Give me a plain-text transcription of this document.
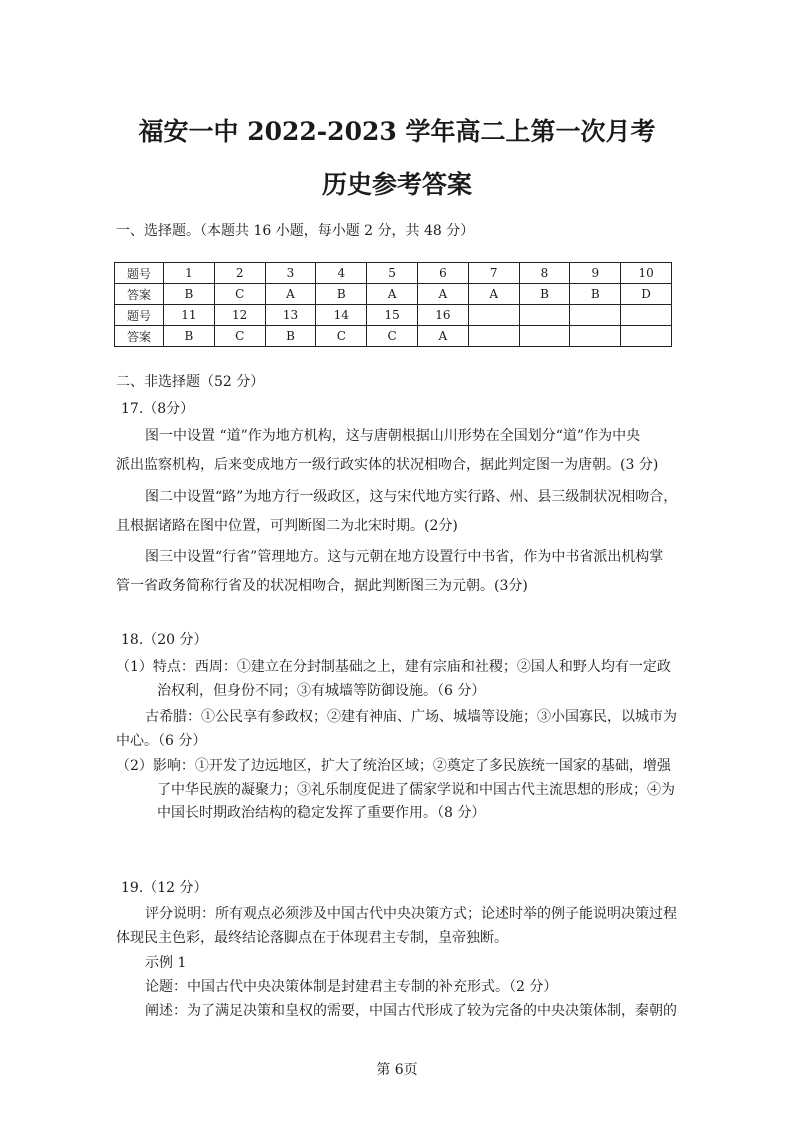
福安一中 2022-2023 学年高二上第一次月考
历史参考答案
一、选择题。（本题共 16 小题，每小题 2 分，共 48 分）
题号	1	2	3	4	5	6	7	8	9	10
答案	B	C	A	B	A	A	A	B	B	D
题号	11	12	13	14	15	16				
答案	B	C	B	C	C	A				
二、非选择题（52 分）
17.（8分）
图一中设置 “道”作为地方机构，这与唐朝根据山川形势在全国划分“道”作为中央
派出监察机构，后来变成地方一级行政实体的状况相吻合，据此判定图一为唐朝。(3 分)
图二中设置“路”为地方行一级政区，这与宋代地方实行路、州、县三级制状况相吻合，
且根据诸路在图中位置，可判断图二为北宋时期。(2分)
图三中设置“行省”管理地方。这与元朝在地方设置行中书省，作为中书省派出机构掌
管一省政务简称行省及的状况相吻合，据此判断图三为元朝。(3分)
18.（20 分）
（1）特点：西周：①建立在分封制基础之上，建有宗庙和社稷；②国人和野人均有一定政
治权利，但身份不同；③有城墙等防御设施。（6 分）
古希腊：①公民享有参政权；②建有神庙、广场、城墙等设施；③小国寡民，以城市为
中心。（6 分）
（2）影响：①开发了边远地区，扩大了统治区域；②奠定了多民族统一国家的基础，增强
了中华民族的凝聚力；③礼乐制度促进了儒家学说和中国古代主流思想的形成；④为
中国长时期政治结构的稳定发挥了重要作用。（8 分）
19.（12 分）
评分说明：所有观点必须涉及中国古代中央决策方式；论述时举的例子能说明决策过程
体现民主色彩，最终结论落脚点在于体现君主专制，皇帝独断。
示例 1
论题：中国古代中央决策体制是封建君主专制的补充形式。（2 分）
阐述：为了满足决策和皇权的需要，中国古代形成了较为完备的中央决策体制，秦朝的
第 6页
